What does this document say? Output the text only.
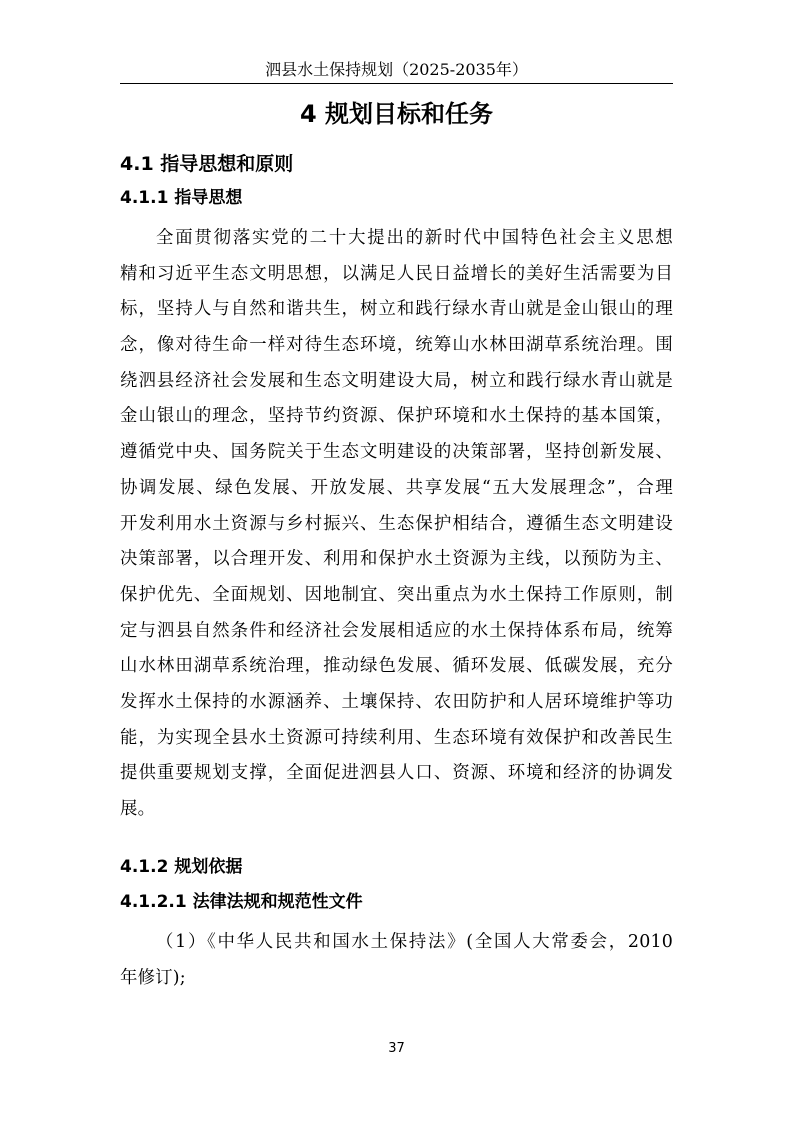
泗县水土保持规划（2025-2035年）
4 规划目标和任务
4.1 指导思想和原则
4.1.1 指导思想
全面贯彻落实党的二十大提出的新时代中国特色社会主义思想
精和习近平生态文明思想，以满足人民日益增长的美好生活需要为目
标，坚持人与自然和谐共生，树立和践行绿水青山就是金山银山的理
念，像对待生命一样对待生态环境，统筹山水林田湖草系统治理。围
绕泗县经济社会发展和生态文明建设大局，树立和践行绿水青山就是
金山银山的理念，坚持节约资源、保护环境和水土保持的基本国策，
遵循党中央、国务院关于生态文明建设的决策部署，坚持创新发展、
协调发展、绿色发展、开放发展、共享发展“五大发展理念”，合理
开发利用水土资源与乡村振兴、生态保护相结合，遵循生态文明建设
决策部署，以合理开发、利用和保护水土资源为主线，以预防为主、
保护优先、全面规划、因地制宜、突出重点为水土保持工作原则，制
定与泗县自然条件和经济社会发展相适应的水土保持体系布局，统筹
山水林田湖草系统治理，推动绿色发展、循环发展、低碳发展，充分
发挥水土保持的水源涵养、土壤保持、农田防护和人居环境维护等功
能，为实现全县水土资源可持续利用、生态环境有效保护和改善民生
提供重要规划支撑，全面促进泗县人口、资源、环境和经济的协调发
展。
4.1.2 规划依据
4.1.2.1 法律法规和规范性文件
（1）《中华人民共和国水土保持法》(全国人大常委会，2010
年修订);
37
